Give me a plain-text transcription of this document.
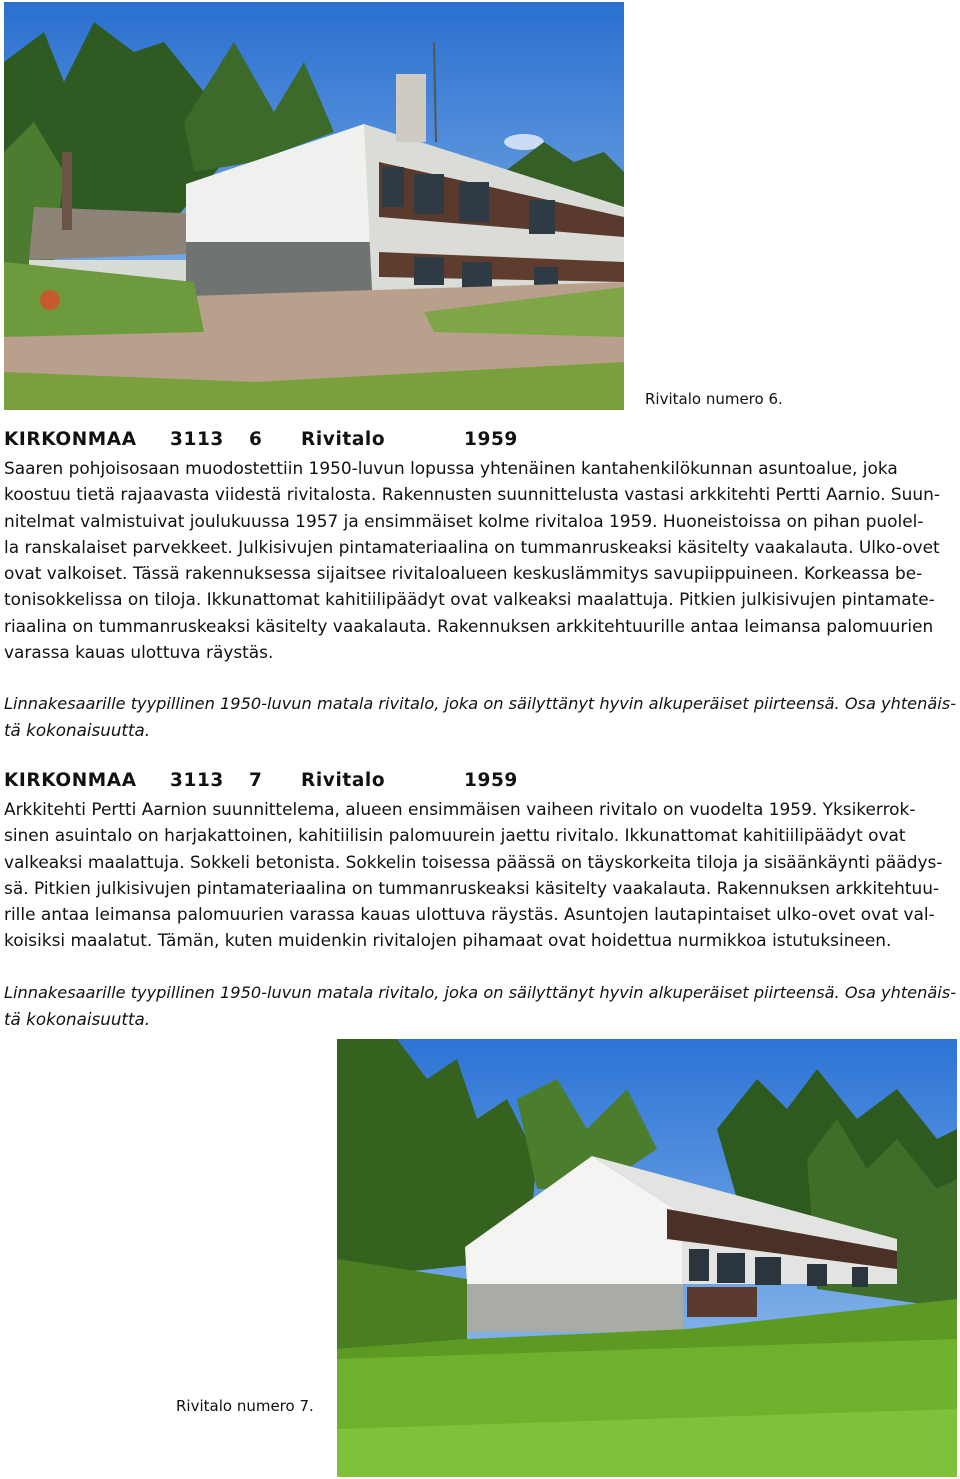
Rivitalo numero 6.
KIRKONMAA 3113 6 Rivitalo	1959
Saaren pohjoisosaan muodostettiin 1950-luvun lopussa yhtenäinen kantahenkilökunnan asuntoalue, joka
koostuu tietä rajaavasta viidestä rivitalosta. Rakennusten suunnittelusta vastasi arkkitehti Pertti Aarnio. Suun-
nitelmat valmistuivat joulukuussa 1957 ja ensimmäiset kolme rivitaloa 1959. Huoneistoissa on pihan puolel-
la ranskalaiset parvekkeet. Julkisivujen pintamateriaalina on tummanruskeaksi käsitelty vaakalauta. Ulko-ovet
ovat valkoiset. Tässä rakennuksessa sijaitsee rivitaloalueen keskuslämmitys savupiippuineen. Korkeassa be-
tonisokkelissa on tiloja. Ikkunattomat kahitiilipäädyt ovat valkeaksi maalattuja. Pitkien julkisivujen pintamate-
riaalina on tummanruskeaksi käsitelty vaakalauta. Rakennuksen arkkitehtuurille antaa leimansa palomuurien
varassa kauas ulottuva räystäs.
Linnakesaarille tyypillinen 1950-luvun matala rivitalo, joka on säilyttänyt hyvin alkuperäiset piirteensä. Osa yhtenäis-
tä kokonaisuutta.
KIRKONMAA 3113 7 Rivitalo	1959
Arkkitehti Pertti Aarnion suunnittelema, alueen ensimmäisen vaiheen rivitalo on vuodelta 1959. Yksikerrok-
sinen asuintalo on harjakattoinen, kahitiilisin palomuurein jaettu rivitalo. Ikkunattomat kahitiilipäädyt ovat
valkeaksi maalattuja. Sokkeli betonista. Sokkelin toisessa päässä on täyskorkeita tiloja ja sisäänkäynti päädys-
sä. Pitkien julkisivujen pintamateriaalina on tummanruskeaksi käsitelty vaakalauta. Rakennuksen arkkitehtuu-
rille antaa leimansa palomuurien varassa kauas ulottuva räystäs. Asuntojen lautapintaiset ulko-ovet ovat val-
koisiksi maalatut. Tämän, kuten muidenkin rivitalojen pihamaat ovat hoidettua nurmikkoa istutuksineen.
Linnakesaarille tyypillinen 1950-luvun matala rivitalo, joka on säilyttänyt hyvin alkuperäiset piirteensä. Osa yhtenäis-
tä kokonaisuutta.
Rivitalo numero 7.
